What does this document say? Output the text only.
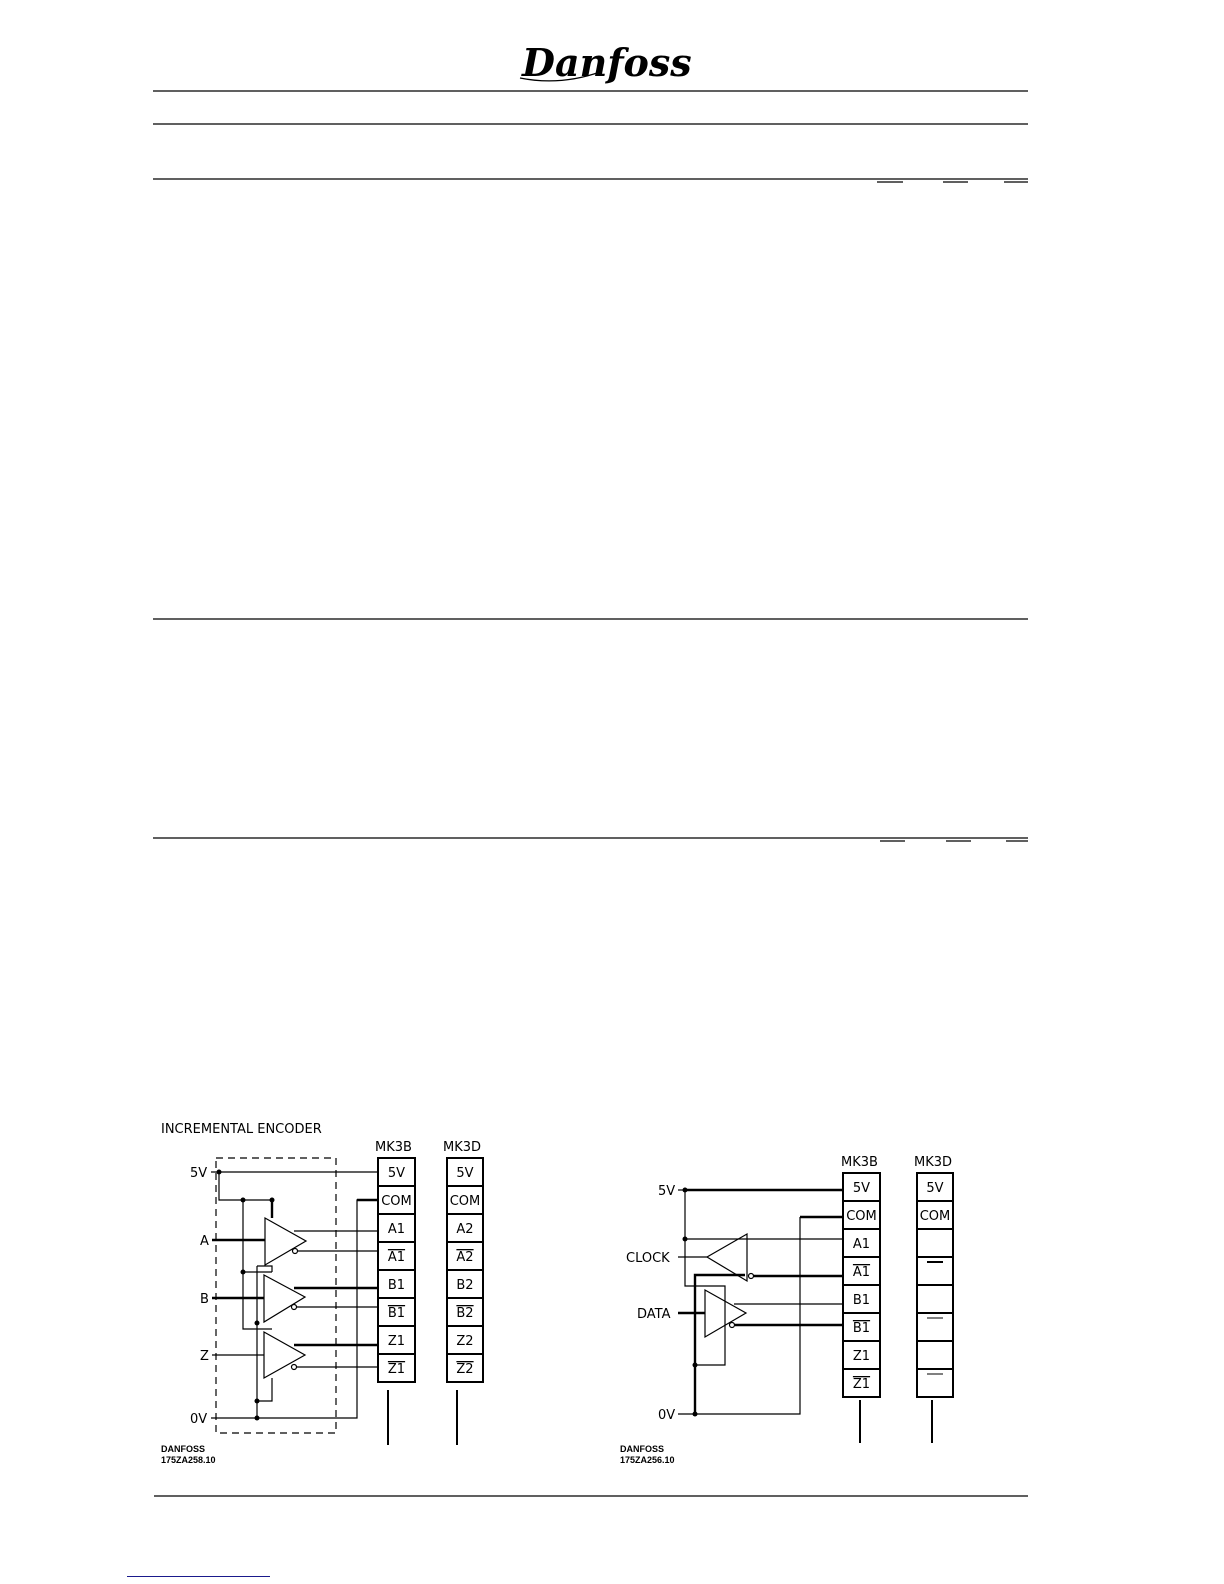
Danfoss
INCREMENTAL ENCODER
5V
A
B
Z
0V
MK3B
5V
COM
A1
A1
B1
B1
Z1
Z1
MK3D
5V
COM
A2
A2
B2
B2
Z2
Z2
DANFOSS
175ZA258.10
5V
CLOCK
DATA
0V
MK3B
5V
COM
A1
A1
B1
B1
Z1
Z1
MK3D
5V
COM
DANFOSS
175ZA256.10
